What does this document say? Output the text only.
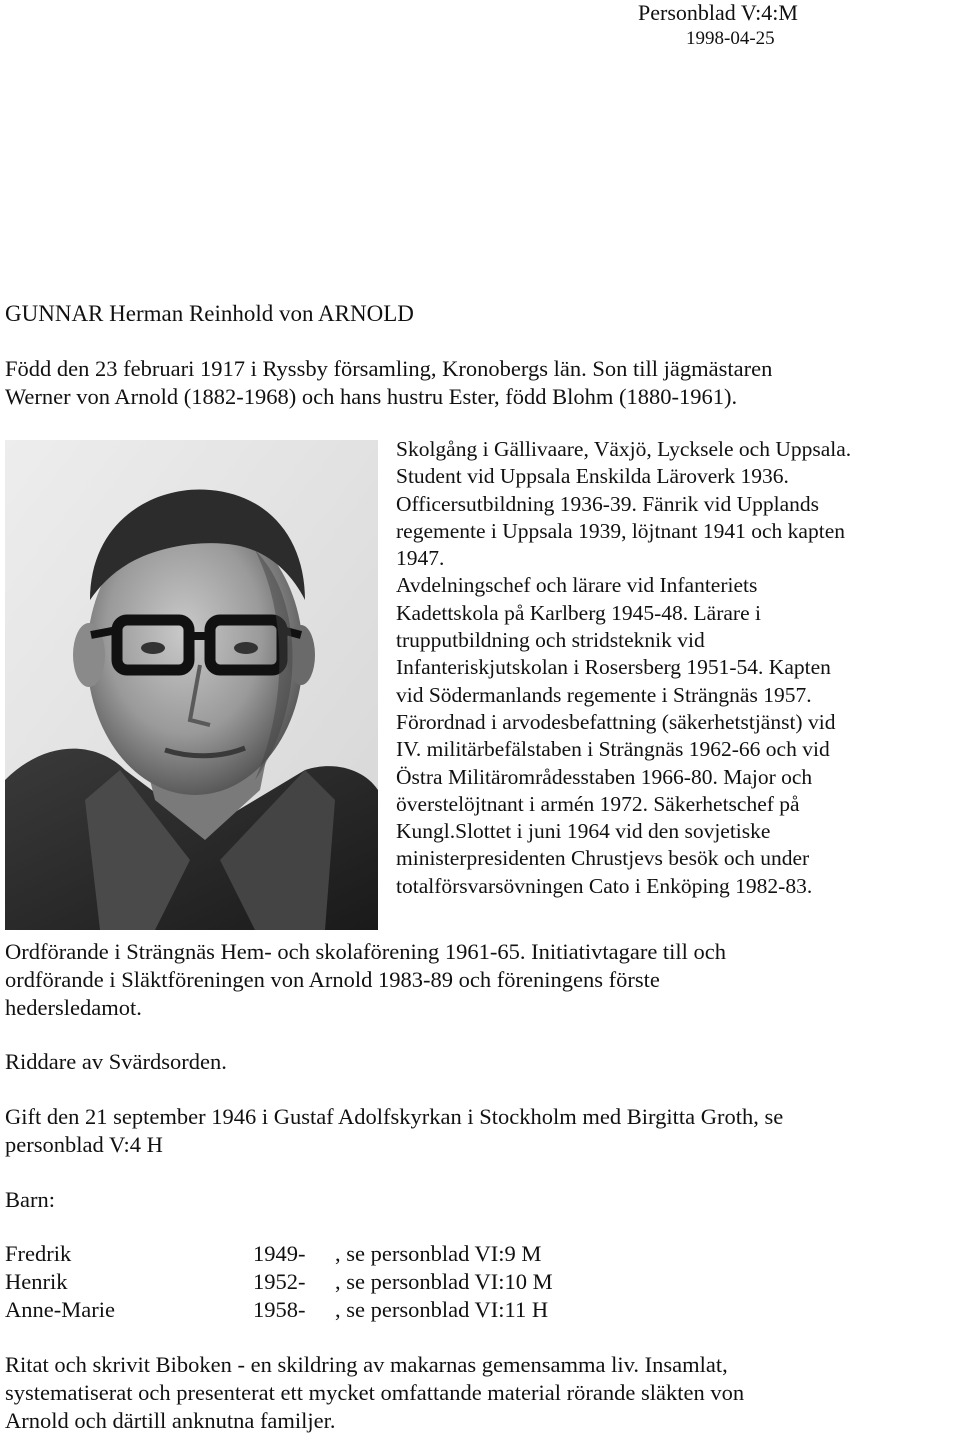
Personblad V:4:M
1998-04-25
GUNNAR Herman Reinhold von ARNOLD
Född den 23 februari 1917 i Ryssby församling, Kronobergs län. Son till jägmästaren
Werner von Arnold (1882-1968) och hans hustru Ester, född Blohm (1880-1961).
Skolgång i Gällivaare, Växjö, Lycksele och Uppsala.
Student vid Uppsala Enskilda Läroverk 1936.
Officersutbildning 1936-39. Fänrik vid Upplands
regemente i Uppsala 1939, löjtnant 1941 och kapten
1947.
Avdelningschef och lärare vid Infanteriets
Kadettskola på Karlberg 1945-48. Lärare i
trupputbildning och stridsteknik vid
Infanteriskjutskolan i Rosersberg 1951-54. Kapten
vid Södermanlands regemente i Strängnäs 1957.
Förordnad i arvodesbefattning (säkerhetstjänst) vid
IV. militärbefälstaben i Strängnäs 1962-66 och vid
Östra Militärområdesstaben 1966-80. Major och
överstelöjtnant i armén 1972. Säkerhetschef på
Kungl.Slottet i juni 1964 vid den sovjetiske
ministerpresidenten Chrustjevs besök och under
totalförsvarsövningen Cato i Enköping 1982-83.
Ordförande i Strängnäs Hem- och skolaförening 1961-65. Initiativtagare till och
ordförande i Släktföreningen von Arnold 1983-89 och föreningens förste
hedersledamot.
Riddare av Svärdsorden.
Gift den 21 september 1946 i Gustaf Adolfskyrkan i Stockholm med Birgitta Groth, se
personblad V:4 H
Barn:
Fredrik	1949-	, se personblad VI:9 M
Henrik	1952-	, se personblad VI:10 M
Anne-Marie	1958-	, se personblad VI:11 H
Ritat och skrivit Biboken - en skildring av makarnas gemensamma liv. Insamlat,
systematiserat och presenterat ett mycket omfattande material rörande släkten von
Arnold och därtill anknutna familjer.
